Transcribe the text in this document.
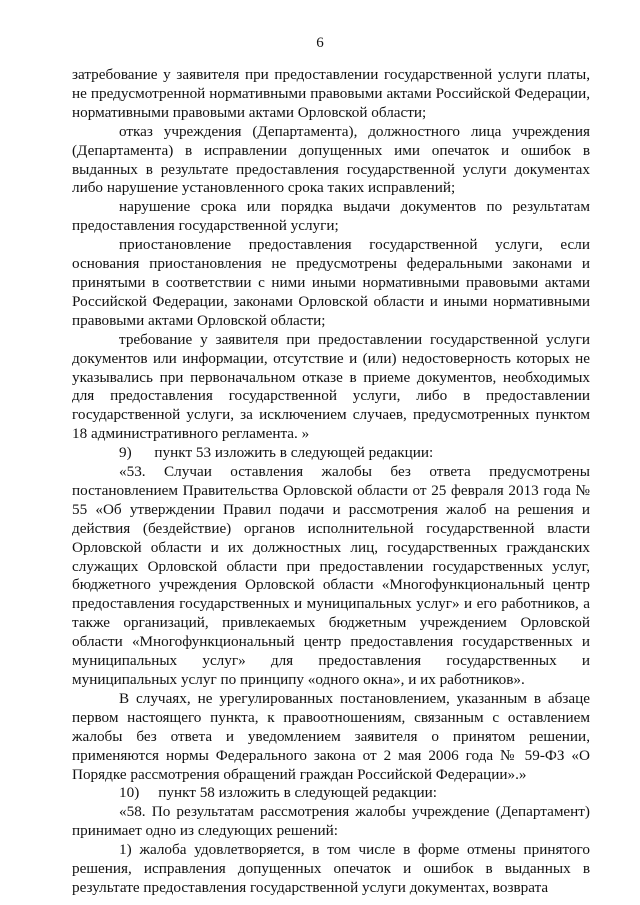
6

затребование у заявителя при предоставлении государственной услуги платы, не предусмотренной нормативными правовыми актами Российской Федерации, нормативными правовыми актами Орловской области;

отказ учреждения (Департамента), должностного лица учреждения (Департамента) в исправлении допущенных ими опечаток и ошибок в выданных в результате предоставления государственной услуги документах либо нарушение установленного срока таких исправлений;

нарушение срока или порядка выдачи документов по результатам предоставления государственной услуги;

приостановление предоставления государственной услуги, если основания приостановления не предусмотрены федеральными законами и принятыми в соответствии с ними иными нормативными правовыми актами Российской Федерации, законами Орловской области и иными нормативными правовыми актами Орловской области;

требование у заявителя при предоставлении государственной услуги документов или информации, отсутствие и (или) недостоверность которых не указывались при первоначальном отказе в приеме документов, необходимых для предоставления государственной услуги, либо в предоставлении государственной услуги, за исключением случаев, предусмотренных пунктом 18 административного регламента. »

9)      пункт 53 изложить в следующей редакции:

«53. Случаи оставления жалобы без ответа предусмотрены постановлением Правительства Орловской области от 25 февраля 2013 года № 55 «Об утверждении Правил подачи и рассмотрения жалоб на решения и действия (бездействие) органов исполнительной государственной власти Орловской области и их должностных лиц, государственных гражданских служащих Орловской области при предоставлении государственных услуг, бюджетного учреждения Орловской области «Многофункциональный центр предоставления государственных и муниципальных услуг» и его работников, а также организаций, привлекаемых бюджетным учреждением Орловской области «Многофункциональный центр предоставления государственных и муниципальных услуг» для предоставления государственных и муниципальных услуг по принципу «одного окна», и их работников».

В случаях, не урегулированных постановлением, указанным в абзаце первом настоящего пункта, к правоотношениям, связанным с оставлением жалобы без ответа и уведомлением заявителя о принятом решении, применяются нормы Федерального закона от 2 мая 2006 года № 59-ФЗ «О Порядке рассмотрения обращений граждан Российской Федерации».»

10)     пункт 58 изложить в следующей редакции:

«58. По результатам рассмотрения жалобы учреждение (Департамент) принимает одно из следующих решений:

1) жалоба удовлетворяется, в том числе в форме отмены принятого решения, исправления допущенных опечаток и ошибок в выданных в результате предоставления государственной услуги документах, возврата
